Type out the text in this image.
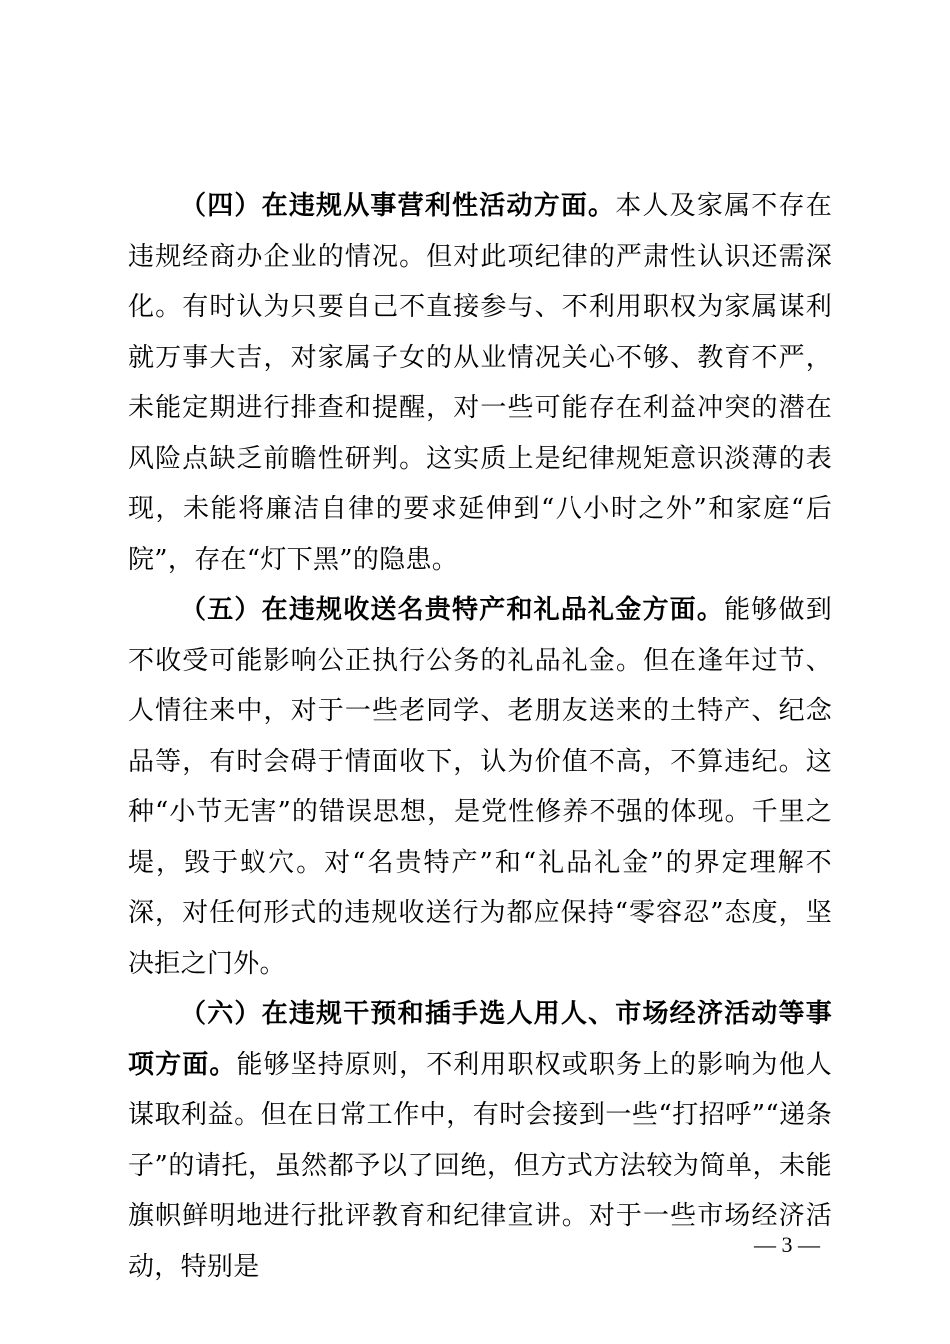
（四）在违规从事营利性活动方面。本人及家属不存在违规经商办企业的情况。但对此项纪律的严肃性认识还需深化。有时认为只要自己不直接参与、不利用职权为家属谋利就万事大吉，对家属子女的从业情况关心不够、教育不严，未能定期进行排查和提醒，对一些可能存在利益冲突的潜在风险点缺乏前瞻性研判。这实质上是纪律规矩意识淡薄的表现，未能将廉洁自律的要求延伸到“八小时之外”和家庭“后院”，存在“灯下黑”的隐患。

（五）在违规收送名贵特产和礼品礼金方面。能够做到不收受可能影响公正执行公务的礼品礼金。但在逢年过节、人情往来中，对于一些老同学、老朋友送来的土特产、纪念品等，有时会碍于情面收下，认为价值不高，不算违纪。这种“小节无害”的错误思想，是党性修养不强的体现。千里之堤，毁于蚁穴。对“名贵特产”和“礼品礼金”的界定理解不深，对任何形式的违规收送行为都应保持“零容忍”态度，坚决拒之门外。

（六）在违规干预和插手选人用人、市场经济活动等事项方面。能够坚持原则，不利用职权或职务上的影响为他人谋取利益。但在日常工作中，有时会接到一些“打招呼”“递条子”的请托，虽然都予以了回绝，但方式方法较为简单，未能旗帜鲜明地进行批评教育和纪律宣讲。对于一些市场经济活动，特别是

— 3 —
